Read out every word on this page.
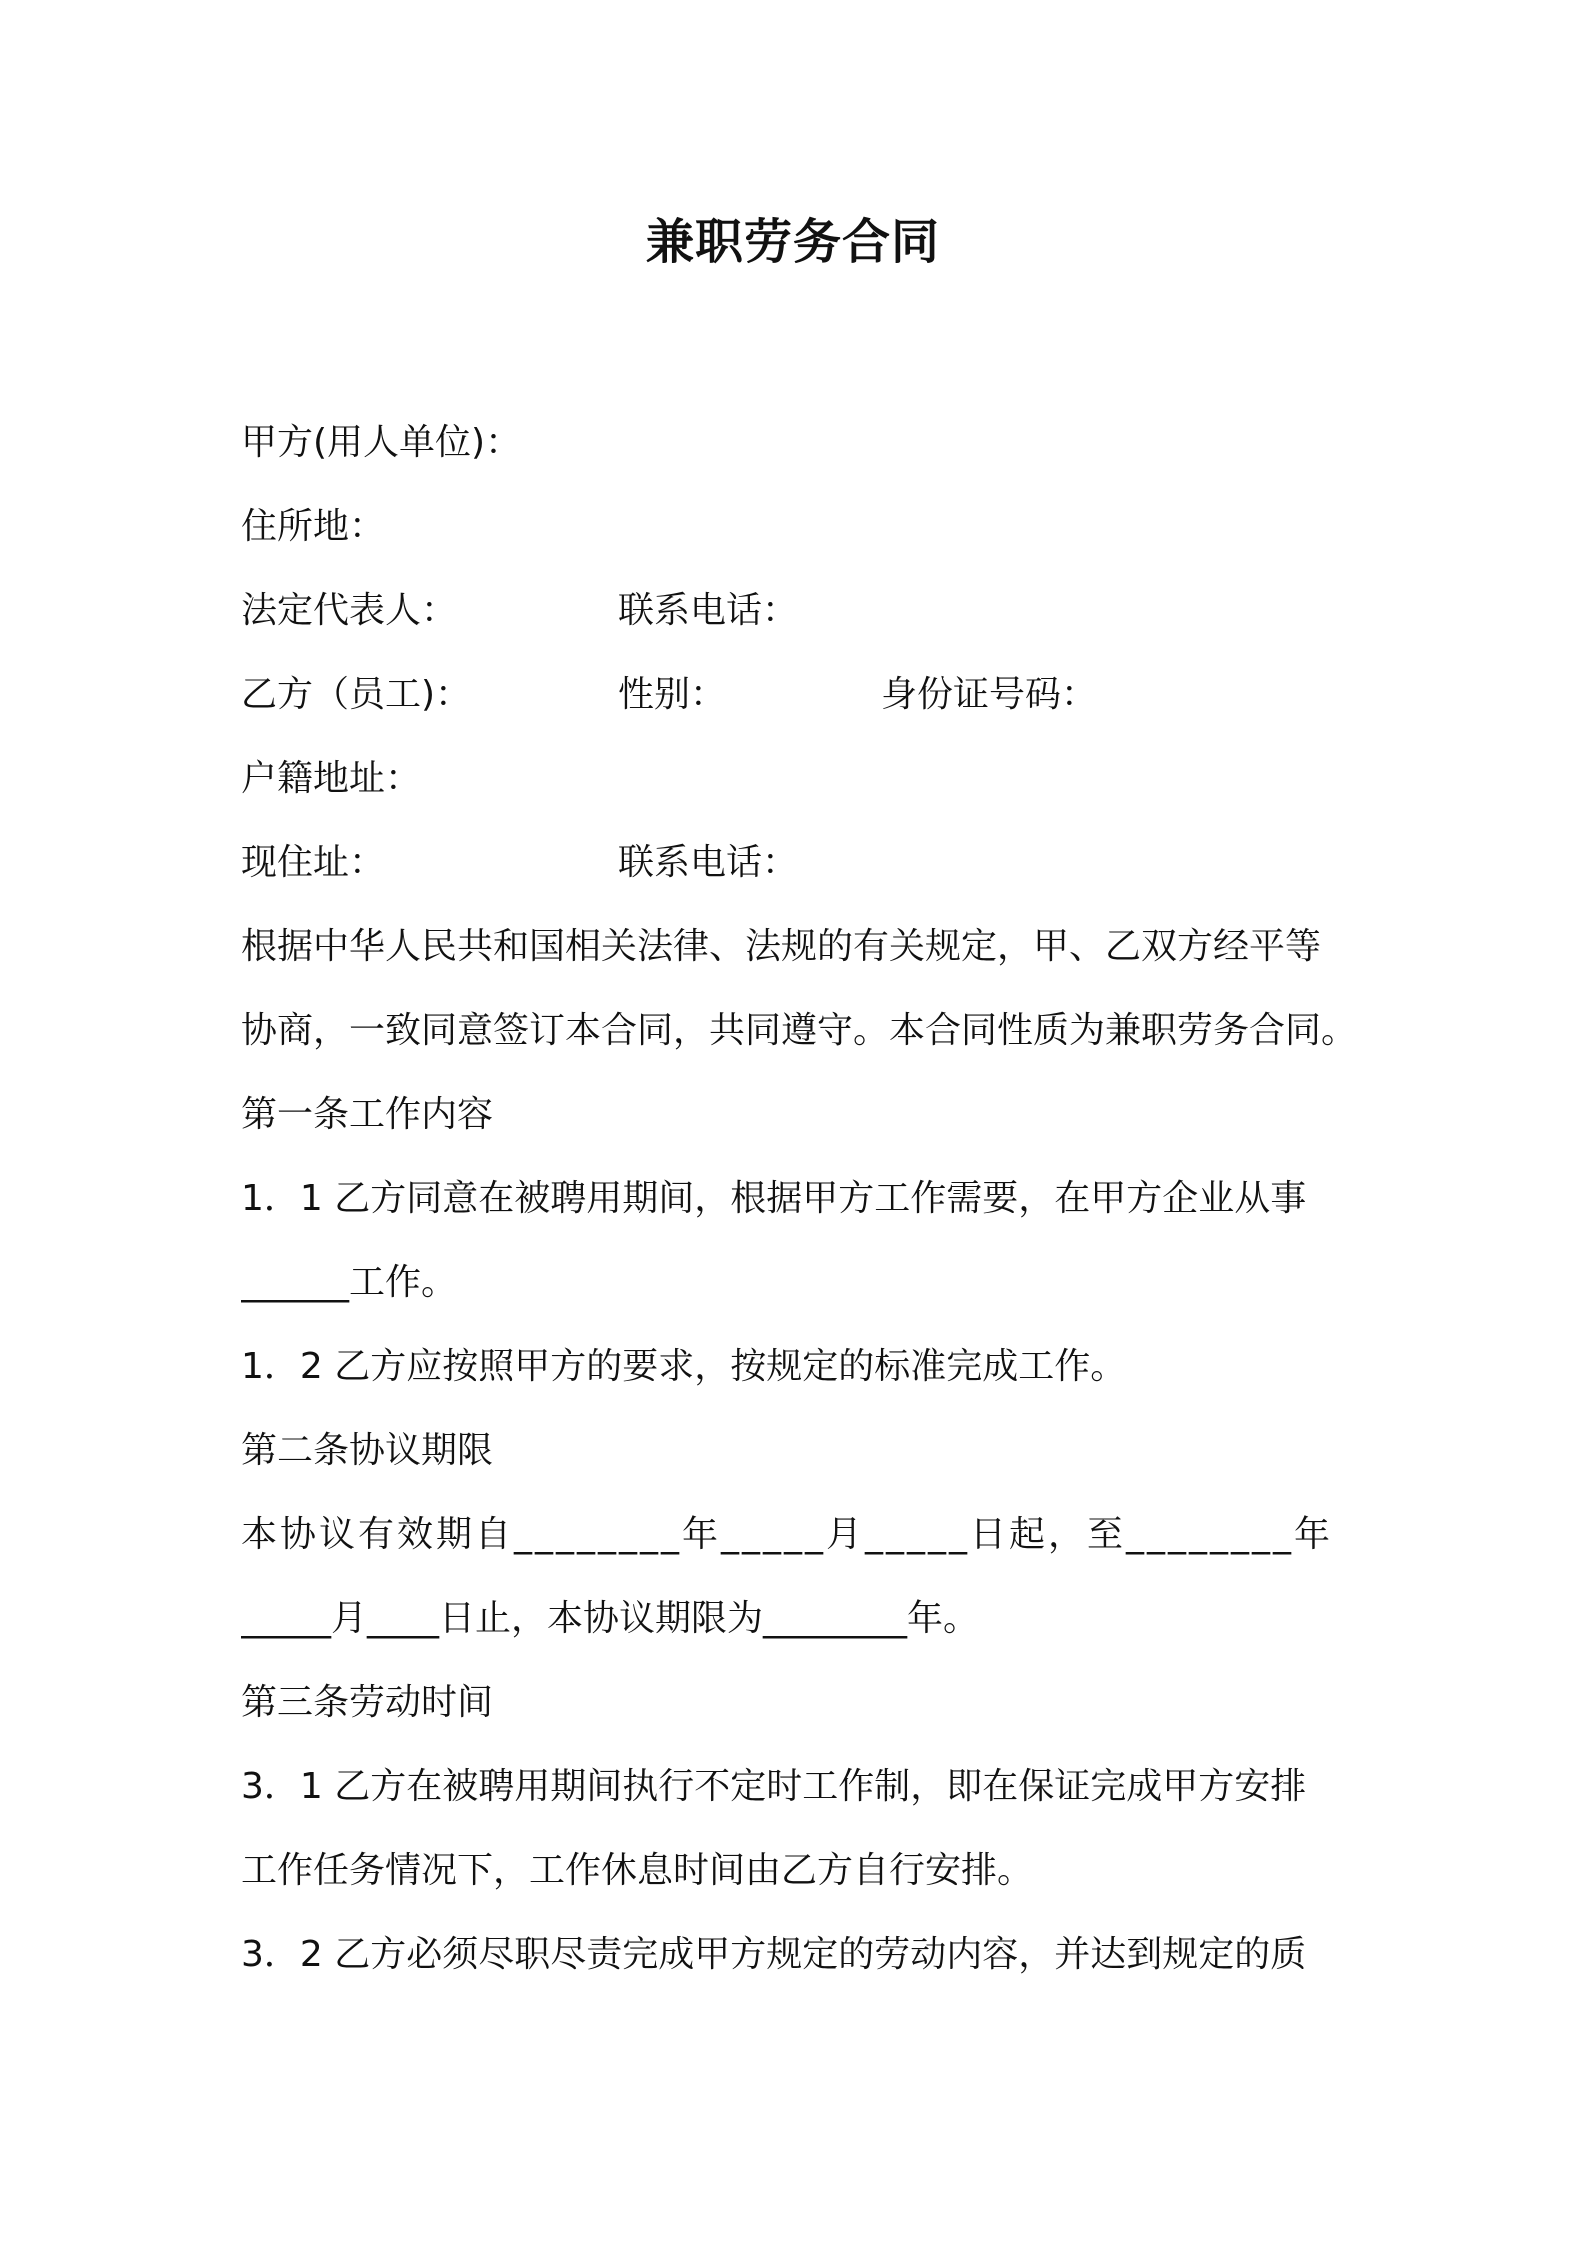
兼职劳务合同
甲方(用人单位)：
住所地：
法定代表人：	联系电话：
乙方（员工)：	性别：	身份证号码：
户籍地址：
现住址：	联系电话：
根据中华人民共和国相关法律、法规的有关规定，甲、乙双方经平等
协商，一致同意签订本合同，共同遵守。本合同性质为兼职劳务合同。
第一条工作内容
1．1 乙方同意在被聘用期间，根据甲方工作需要，在甲方企业从事
______工作。
1．2 乙方应按照甲方的要求，按规定的标准完成工作。
第二条协议期限
本协议有效期自________年_____月_____日起，至________年
_____月____日止，本协议期限为________年。
第三条劳动时间
3．1 乙方在被聘用期间执行不定时工作制，即在保证完成甲方安排
工作任务情况下，工作休息时间由乙方自行安排。
3．2 乙方必须尽职尽责完成甲方规定的劳动内容，并达到规定的质
